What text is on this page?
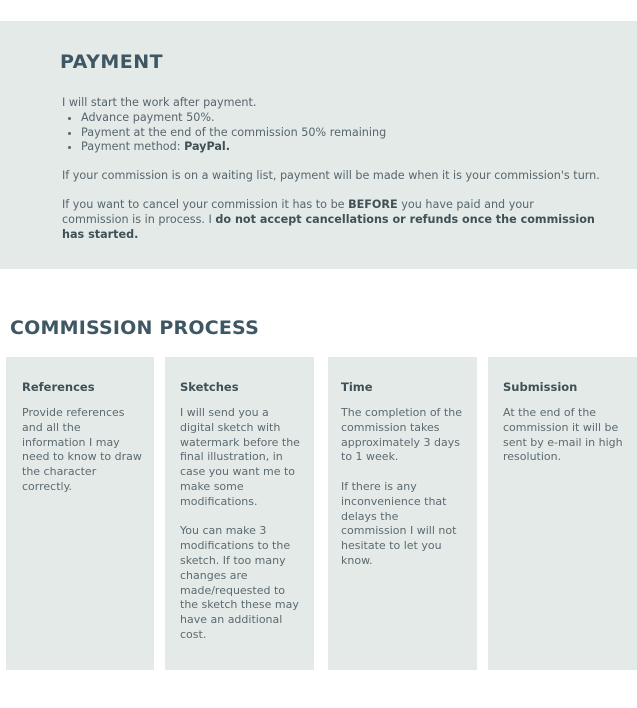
PAYMENT

I will start the work after payment.

• Advance payment 50%.
• Payment at the end of the commission 50% remaining
• Payment method: PayPal.

If your commission is on a waiting list, payment will be made when it is your commission's turn.

If you want to cancel your commission it has to be BEFORE you have paid and your commission is in process. I do not accept cancellations or refunds once the commission has started.

COMMISSION PROCESS
References

Provide references and all the information I may need to know to draw the character correctly.

Sketches

I will send you a digital sketch with watermark before the final illustration, in case you want me to make some modifications.

You can make 3 modifications to the sketch. If too many changes are made/requested to the sketch these may have an additional cost.

Time

The completion of the commission takes approximately 3 days to 1 week.

If there is any inconvenience that delays the commission I will not hesitate to let you know.

Submission

At the end of the commission it will be sent by e-mail in high resolution.
